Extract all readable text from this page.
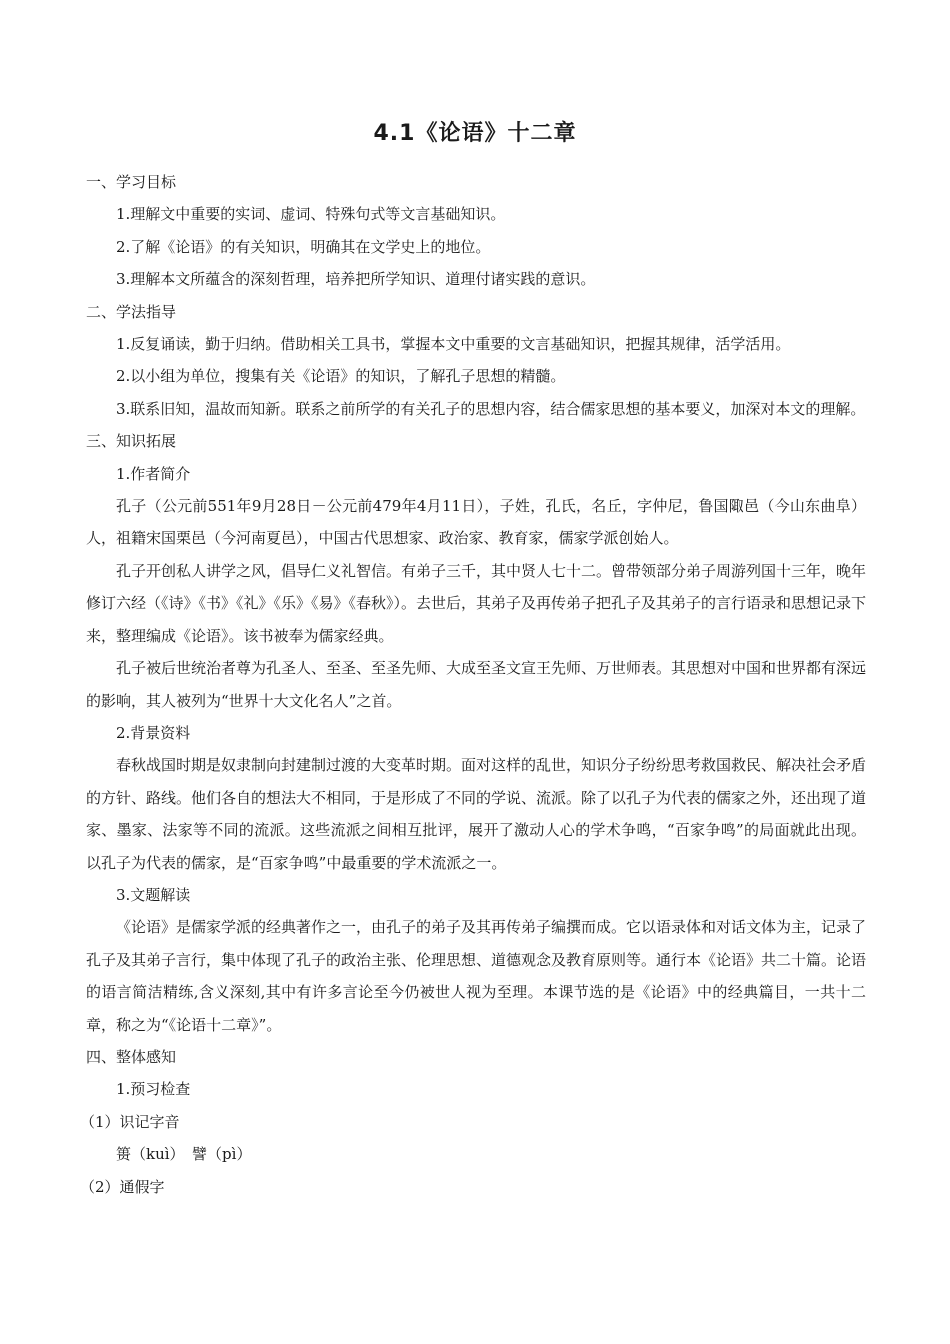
4.1《论语》十二章

一、学习目标

1.理解文中重要的实词、虚词、特殊句式等文言基础知识。

2.了解《论语》的有关知识，明确其在文学史上的地位。

3.理解本文所蕴含的深刻哲理，培养把所学知识、道理付诸实践的意识。

二、学法指导

1.反复诵读，勤于归纳。借助相关工具书，掌握本文中重要的文言基础知识，把握其规律，活学活用。

2.以小组为单位，搜集有关《论语》的知识，了解孔子思想的精髓。

3.联系旧知，温故而知新。联系之前所学的有关孔子的思想内容，结合儒家思想的基本要义，加深对本文的理解。

三、知识拓展

1.作者简介

孔子（公元前551年9月28日－公元前479年4月11日），子姓，孔氏，名丘，字仲尼，鲁国陬邑（今山东曲阜）人，祖籍宋国栗邑（今河南夏邑），中国古代思想家、政治家、教育家，儒家学派创始人。

孔子开创私人讲学之风，倡导仁义礼智信。有弟子三千，其中贤人七十二。曾带领部分弟子周游列国十三年，晚年修订六经（《诗》《书》《礼》《乐》《易》《春秋》）。去世后，其弟子及再传弟子把孔子及其弟子的言行语录和思想记录下来，整理编成《论语》。该书被奉为儒家经典。

孔子被后世统治者尊为孔圣人、至圣、至圣先师、大成至圣文宣王先师、万世师表。其思想对中国和世界都有深远的影响，其人被列为“世界十大文化名人”之首。

2.背景资料

春秋战国时期是奴隶制向封建制过渡的大变革时期。面对这样的乱世，知识分子纷纷思考救国救民、解决社会矛盾的方针、路线。他们各自的想法大不相同，于是形成了不同的学说、流派。除了以孔子为代表的儒家之外，还出现了道家、墨家、法家等不同的流派。这些流派之间相互批评，展开了激动人心的学术争鸣，“百家争鸣”的局面就此出现。以孔子为代表的儒家，是“百家争鸣”中最重要的学术流派之一。

3.文题解读

《论语》是儒家学派的经典著作之一，由孔子的弟子及其再传弟子编撰而成。它以语录体和对话文体为主，记录了孔子及其弟子言行，集中体现了孔子的政治主张、伦理思想、道德观念及教育原则等。通行本《论语》共二十篇。论语的语言简洁精练,含义深刻,其中有许多言论至今仍被世人视为至理。本课节选的是《论语》中的经典篇目，一共十二章，称之为“《论语十二章》”。

四、整体感知

1.预习检查

（1）识记字音

篑（kuì）　譬（pì）

（2）通假字
